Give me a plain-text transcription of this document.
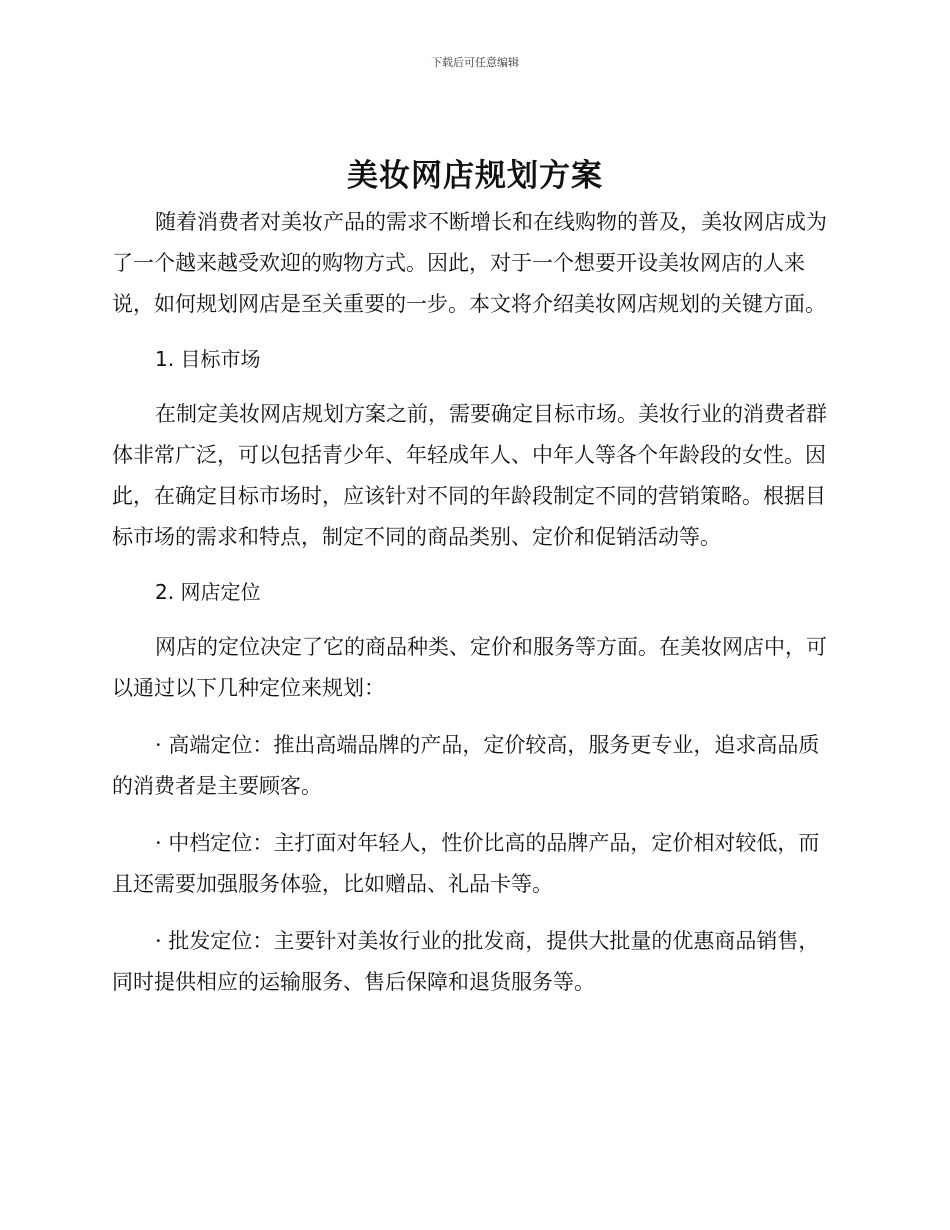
下载后可任意编辑
美妆网店规划方案

随着消费者对美妆产品的需求不断增长和在线购物的普及，美妆网店成为了一个越来越受欢迎的购物方式。因此，对于一个想要开设美妆网店的人来说，如何规划网店是至关重要的一步。本文将介绍美妆网店规划的关键方面。

1. 目标市场

在制定美妆网店规划方案之前，需要确定目标市场。美妆行业的消费者群体非常广泛，可以包括青少年、年轻成年人、中年人等各个年龄段的女性。因此，在确定目标市场时，应该针对不同的年龄段制定不同的营销策略。根据目标市场的需求和特点，制定不同的商品类别、定价和促销活动等。

2. 网店定位

网店的定位决定了它的商品种类、定价和服务等方面。在美妆网店中，可以通过以下几种定位来规划：

· 高端定位：推出高端品牌的产品，定价较高，服务更专业，追求高品质的消费者是主要顾客。

· 中档定位：主打面对年轻人，性价比高的品牌产品，定价相对较低，而且还需要加强服务体验，比如赠品、礼品卡等。

· 批发定位：主要针对美妆行业的批发商，提供大批量的优惠商品销售，同时提供相应的运输服务、售后保障和退货服务等。
